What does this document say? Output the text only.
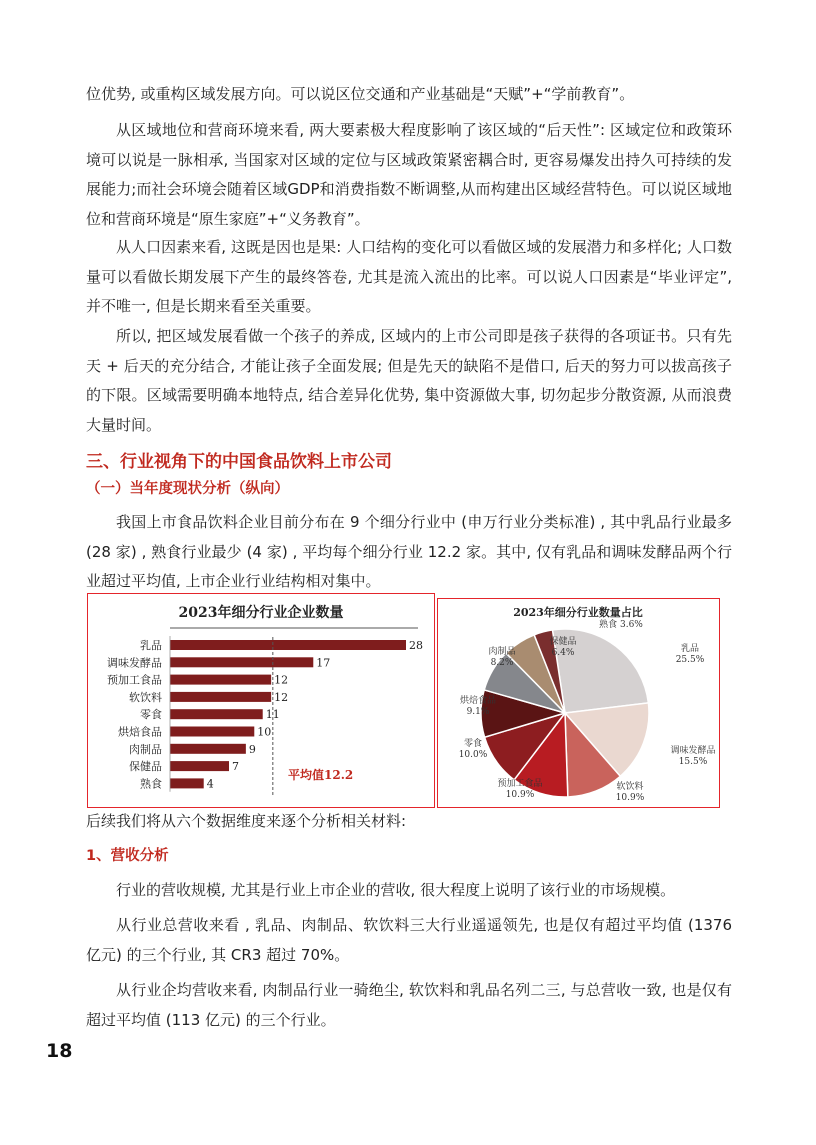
位优势, 或重构区域发展方向。可以说区位交通和产业基础是“天赋”+“学前教育”。

从区域地位和营商环境来看, 两大要素极大程度影响了该区域的“后天性”: 区域定位和政策环境可以说是一脉相承, 当国家对区域的定位与区域政策紧密耦合时, 更容易爆发出持久可持续的发展能力;而社会环境会随着区域GDP和消费指数不断调整,从而构建出区域经营特色。可以说区域地位和营商环境是“原生家庭”+“义务教育”。

从人口因素来看, 这既是因也是果: 人口结构的变化可以看做区域的发展潜力和多样化; 人口数量可以看做长期发展下产生的最终答卷, 尤其是流入流出的比率。可以说人口因素是“毕业评定”, 并不唯一, 但是长期来看至关重要。

所以, 把区域发展看做一个孩子的养成, 区域内的上市公司即是孩子获得的各项证书。只有先天 + 后天的充分结合, 才能让孩子全面发展; 但是先天的缺陷不是借口, 后天的努力可以拔高孩子的下限。区域需要明确本地特点, 结合差异化优势, 集中资源做大事, 切勿起步分散资源, 从而浪费大量时间。

三、行业视角下的中国食品饮料上市公司
（一）当年度现状分析（纵向）

我国上市食品饮料企业目前分布在 9 个细分行业中 (申万行业分类标准) , 其中乳品行业最多 (28 家) , 熟食行业最少 (4 家) , 平均每个细分行业 12.2 家。其中, 仅有乳品和调味发酵品两个行业超过平均值, 上市企业行业结构相对集中。

2023年细分行业企业数量
乳品	28
调味发酵品	17
预加工食品	12
软饮料	12
零食	11
烘焙食品	10
肉制品	9
保健品	7
熟食	4
平均值12.2
2023年细分行业数量占比
乳品
25.5%
调味发酵品
15.5%
软饮料
10.9%
预加工食品
10.9%
零食
10.0%
烘焙食品
9.1%
肉制品
8.2%
保健品
6.4%
熟食 3.6%

后续我们将从六个数据维度来逐个分析相关材料:

1、营收分析

行业的营收规模, 尤其是行业上市企业的营收, 很大程度上说明了该行业的市场规模。

从行业总营收来看 , 乳品、肉制品、软饮料三大行业遥遥领先, 也是仅有超过平均值 (1376 亿元) 的三个行业, 其 CR3 超过 70%。

从行业企均营收来看, 肉制品行业一骑绝尘, 软饮料和乳品名列二三, 与总营收一致, 也是仅有超过平均值 (113 亿元) 的三个行业。

18
